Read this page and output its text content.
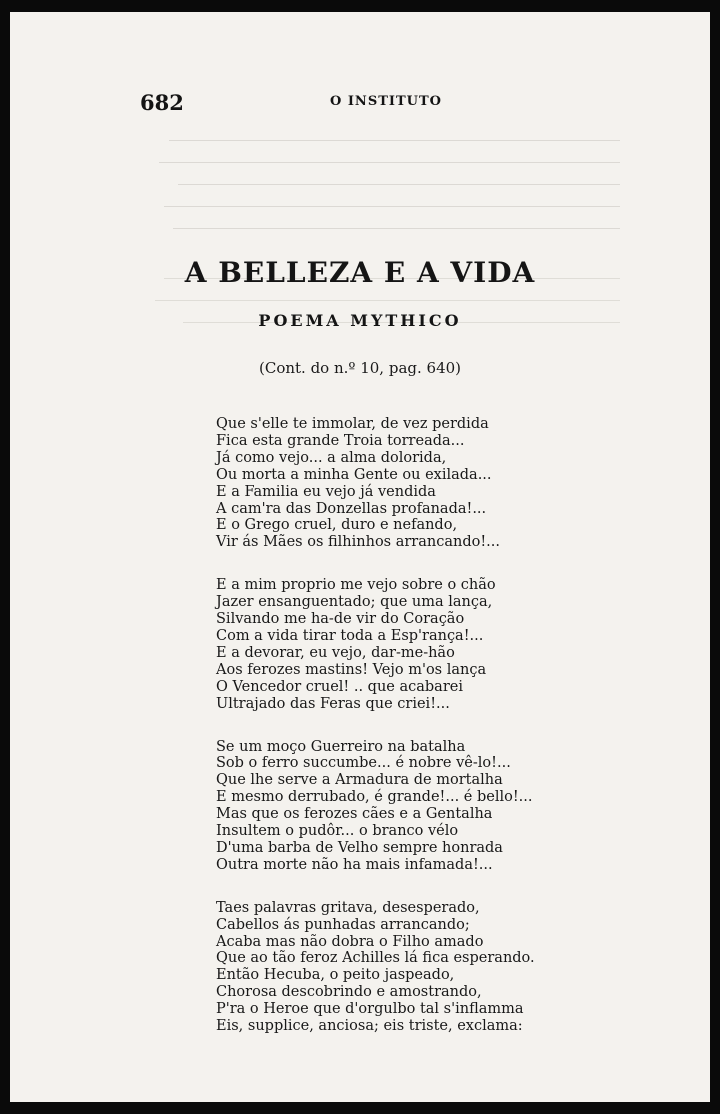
682	O INSTITUTO
A BELLEZA E A VIDA
POEMA MYTHICO
(Cont. do n.º 10, pag. 640)
Que s'elle te immolar, de vez perdida
Fica esta grande Troia torreada...
Já como vejo... a alma dolorida,
Ou morta a minha Gente ou exilada...
E a Familia eu vejo já vendida
A cam'ra das Donzellas profanada!...
E o Grego cruel, duro e nefando,
Vir ás Mães os filhinhos arrancando!...
E a mim proprio me vejo sobre o chão
Jazer ensanguentado; que uma lança,
Silvando me ha-de vir do Coração
Com a vida tirar toda a Esp'rança!...
E a devorar, eu vejo, dar-me-hão
Aos ferozes mastins! Vejo m'os lança
O Vencedor cruel! .. que acabarei
Ultrajado das Feras que criei!...
Se um moço Guerreiro na batalha
Sob o ferro succumbe... é nobre vê-lo!...
Que lhe serve a Armadura de mortalha
E mesmo derrubado, é grande!... é bello!...
Mas que os ferozes cães e a Gentalha
Insultem o pudôr... o branco vélo
D'uma barba de Velho sempre honrada
Outra morte não ha mais infamada!...
Taes palavras gritava, desesperado,
Cabellos ás punhadas arrancando;
Acaba mas não dobra o Filho amado
Que ao tão feroz Achilles lá fica esperando.
Então Hecuba, o peito jaspeado,
Chorosa descobrindo e amostrando,
P'ra o Heroe que d'orgulbo tal s'inflamma
Eis, supplice, anciosa; eis triste, exclama:
